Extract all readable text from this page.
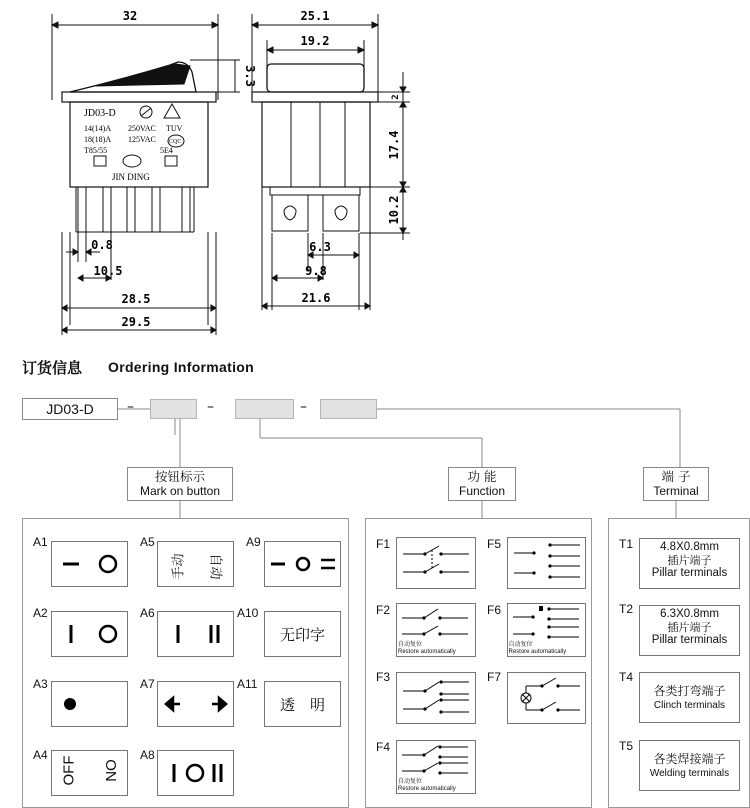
32	25.1
19.2
3.3
2
17.4
10.2
0.8
10.5
28.5
29.5
6.3
9.8
21.6
JD03-D
14(14)A 250VAC
18(18)A 125VAC
T85/55	5E4
TUV
CQC
JIN DING
订货信息 Ordering Information
JD03-D	–	–	–
按钮标示
Mark on button
功 能
Function
端 子
Terminal
A1
A2
A3
A4
OFF ON
A5
手动 自动
A6
A7
A8
A9
A10
无印字
A11
透　明
F1
F2
自动复位
Restore automatically
F3
F4
自动复位
Restore automatically
F5
F6
自动复位
Restore automatically
F7
T1	4.8X0.8mm
插片端子
Pillar terminals
T2	6.3X0.8mm
插片端子
Pillar terminals
T4
各类打弯端子
Clinch terminals
T5
各类焊接端子
Welding terminals
